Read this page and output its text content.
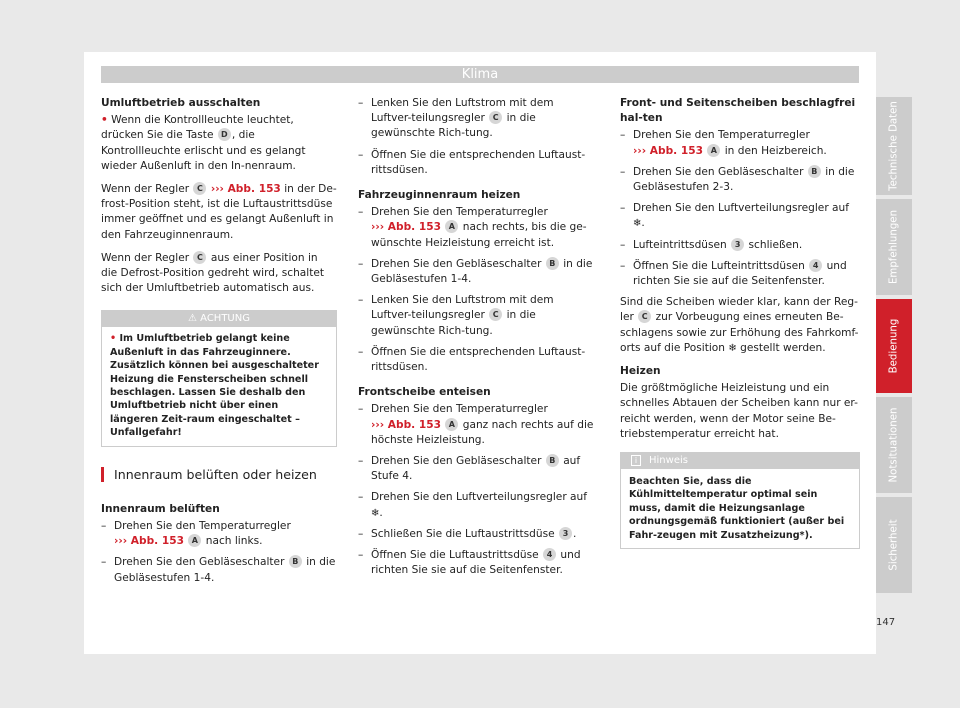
Klima

Umluftbetrieb ausschalten

• Wenn die Kontrollleuchte leuchtet, drücken Sie die Taste D , die Kontrollleuchte erlischt und es gelangt wieder Außenluft in den In-nenraum.

Wenn der Regler C ››› Abb. 153 in der De-frost-Position steht, ist die Luftaustrittsdüse immer geöffnet und es gelangt Außenluft in den Fahrzeuginnenraum.

Wenn der Regler C aus einer Position in die Defrost-Position gedreht wird, schaltet sich der Umluftbetrieb automatisch aus.

⚠ ACHTUNG
• Im Umluftbetrieb gelangt keine Außenluft in das Fahrzeuginnere. Zusätzlich können bei ausgeschalteter Heizung die Fensterscheiben schnell beschlagen. Lassen Sie deshalb den Umluftbetrieb nicht über einen längeren Zeit-raum eingeschaltet – Unfallgefahr!
Innenraum belüften oder heizen

Innenraum belüften

– Drehen Sie den Temperaturregler
››› Abb. 153 A nach links.
– Drehen Sie den Gebläseschalter B in die Gebläsestufen 1-4.
– Lenken Sie den Luftstrom mit dem Luftver-teilungsregler C in die gewünschte Rich-tung.
– Öffnen Sie die entsprechenden Luftaust-rittsdüsen.

Fahrzeuginnenraum heizen

– Drehen Sie den Temperaturregler
››› Abb. 153 A nach rechts, bis die ge-wünschte Heizleistung erreicht ist.
– Drehen Sie den Gebläseschalter B in die Gebläsestufen 1-4.
– Lenken Sie den Luftstrom mit dem Luftver-teilungsregler C in die gewünschte Rich-tung.
– Öffnen Sie die entsprechenden Luftaust-rittsdüsen.

Frontscheibe enteisen

– Drehen Sie den Temperaturregler
››› Abb. 153 A ganz nach rechts auf die höchste Heizleistung.
– Drehen Sie den Gebläseschalter B auf Stufe 4.
– Drehen Sie den Luftverteilungsregler auf
❄.
– Schließen Sie die Luftaustrittsdüse 3 .
– Öffnen Sie die Luftaustrittsdüse 4 und richten Sie sie auf die Seitenfenster.

Front- und Seitenscheiben beschlagfrei hal-ten

– Drehen Sie den Temperaturregler
››› Abb. 153 A in den Heizbereich.
– Drehen Sie den Gebläseschalter B in die Gebläsestufen 2-3.
– Drehen Sie den Luftverteilungsregler auf
❄.
– Lufteintrittsdüsen 3 schließen.
– Öffnen Sie die Lufteintrittsdüsen 4 und richten Sie sie auf die Seitenfenster.

Sind die Scheiben wieder klar, kann der Reg-ler C zur Vorbeugung eines erneuten Be-schlagens sowie zur Erhöhung des Fahrkomf-orts auf die Position ❄ gestellt werden.

Heizen

Die größtmögliche Heizleistung und ein schnelles Abtauen der Scheiben kann nur er-reicht werden, wenn der Motor seine Be-triebstemperatur erreicht hat.

i	Hinweis
Beachten Sie, dass die Kühlmitteltemperatur optimal sein muss, damit die Heizungsanlage ordnungsgemäß funktioniert (außer bei Fahr-zeugen mit Zusatzheizung*).
Technische Daten
Empfehlungen
Bedienung
Notsituationen
Sicherheit
147
